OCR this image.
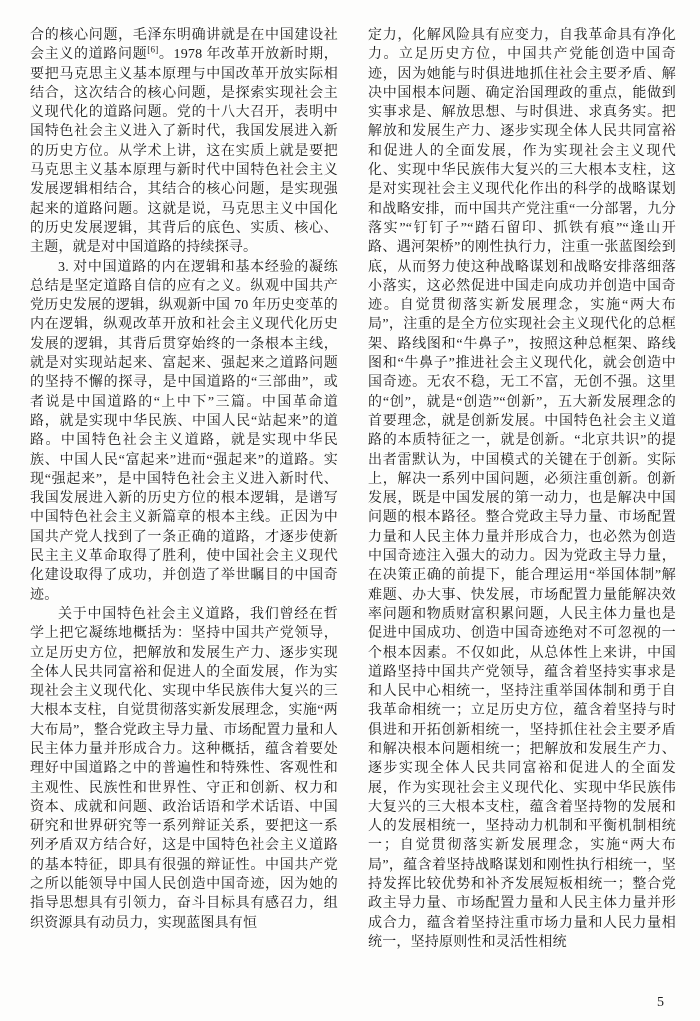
合的核心问题，毛泽东明确讲就是在中国建设社会主义的道路问题[6]。1978 年改革开放新时期，要把马克思主义基本原理与中国改革开放实际相结合，这次结合的核心问题，是探索实现社会主义现代化的道路问题。党的十八大召开，表明中国特色社会主义进入了新时代，我国发展进入新的历史方位。从学术上讲，这在实质上就是要把马克思主义基本原理与新时代中国特色社会主义发展逻辑相结合，其结合的核心问题，是实现强起来的道路问题。这就是说，马克思主义中国化的历史发展逻辑，其背后的底色、实质、核心、主题，就是对中国道路的持续探寻。

3. 对中国道路的内在逻辑和基本经验的凝练总结是坚定道路自信的应有之义。纵观中国共产党历史发展的逻辑，纵观新中国 70 年历史变革的内在逻辑，纵观改革开放和社会主义现代化历史发展的逻辑，其背后贯穿始终的一条根本主线，就是对实现站起来、富起来、强起来之道路问题的坚持不懈的探寻，是中国道路的“三部曲”，或者说是中国道路的“上中下”三篇。中国革命道路，就是实现中华民族、中国人民“站起来”的道路。中国特色社会主义道路，就是实现中华民族、中国人民“富起来”进而“强起来”的道路。实现“强起来”，是中国特色社会主义进入新时代、我国发展进入新的历史方位的根本逻辑，是谱写中国特色社会主义新篇章的根本主线。正因为中国共产党人找到了一条正确的道路，才逐步使新民主主义革命取得了胜利，使中国社会主义现代化建设取得了成功，并创造了举世瞩目的中国奇迹。

关于中国特色社会主义道路，我们曾经在哲学上把它凝练地概括为：坚持中国共产党领导，立足历史方位，把解放和发展生产力、逐步实现全体人民共同富裕和促进人的全面发展，作为实现社会主义现代化、实现中华民族伟大复兴的三大根本支柱，自觉贯彻落实新发展理念，实施“两大布局”，整合党政主导力量、市场配置力量和人民主体力量并形成合力。这种概括，蕴含着要处理好中国道路之中的普遍性和特殊性、客观性和主观性、民族性和世界性、守正和创新、权力和资本、成就和问题、政治话语和学术话语、中国研究和世界研究等一系列辩证关系，要把这一系列矛盾双方结合好，这是中国特色社会主义道路的基本特征，即具有很强的辩证性。中国共产党之所以能领导中国人民创造中国奇迹，因为她的指导思想具有引领力，奋斗目标具有感召力，组织资源具有动员力，实现蓝图具有恒

定力，化解风险具有应变力，自我革命具有净化力。立足历史方位，中国共产党能创造中国奇迹，因为她能与时俱进地抓住社会主要矛盾、解决中国根本问题、确定治国理政的重点，能做到实事求是、解放思想、与时俱进、求真务实。把解放和发展生产力、逐步实现全体人民共同富裕和促进人的全面发展，作为实现社会主义现代化、实现中华民族伟大复兴的三大根本支柱，这是对实现社会主义现代化作出的科学的战略谋划和战略安排，而中国共产党注重“一分部署，九分落实”“钉钉子”“踏石留印、抓铁有痕”“逢山开路、遇河架桥”的刚性执行力，注重一张蓝图绘到底，从而努力使这种战略谋划和战略安排落细落小落实，这必然促进中国走向成功并创造中国奇迹。自觉贯彻落实新发展理念，实施“两大布局”，注重的是全方位实现社会主义现代化的总框架、路线图和“牛鼻子”，按照这种总框架、路线图和“牛鼻子”推进社会主义现代化，就会创造中国奇迹。无农不稳，无工不富，无创不强。这里的“创”，就是“创造”“创新”，五大新发展理念的首要理念，就是创新发展。中国特色社会主义道路的本质特征之一，就是创新。“北京共识”的提出者雷默认为，中国模式的关键在于创新。实际上，解决一系列中国问题，必须注重创新。创新发展，既是中国发展的第一动力，也是解决中国问题的根本路径。整合党政主导力量、市场配置力量和人民主体力量并形成合力，也必然为创造中国奇迹注入强大的动力。因为党政主导力量，在决策正确的前提下，能合理运用“举国体制”解难题、办大事、快发展，市场配置力量能解决效率问题和物质财富积累问题，人民主体力量也是促进中国成功、创造中国奇迹绝对不可忽视的一个根本因素。不仅如此，从总体性上来讲，中国道路坚持中国共产党领导，蕴含着坚持实事求是和人民中心相统一，坚持注重举国体制和勇于自我革命相统一；立足历史方位，蕴含着坚持与时俱进和开拓创新相统一，坚持抓住社会主要矛盾和解决根本问题相统一；把解放和发展生产力、逐步实现全体人民共同富裕和促进人的全面发展，作为实现社会主义现代化、实现中华民族伟大复兴的三大根本支柱，蕴含着坚持物的发展和人的发展相统一，坚持动力机制和平衡机制相统一；自觉贯彻落实新发展理念，实施“两大布局”，蕴含着坚持战略谋划和刚性执行相统一，坚持发挥比较优势和补齐发展短板相统一；整合党政主导力量、市场配置力量和人民主体力量并形成合力，蕴含着坚持注重市场力量和人民力量相统一，坚持原则性和灵活性相统

5
